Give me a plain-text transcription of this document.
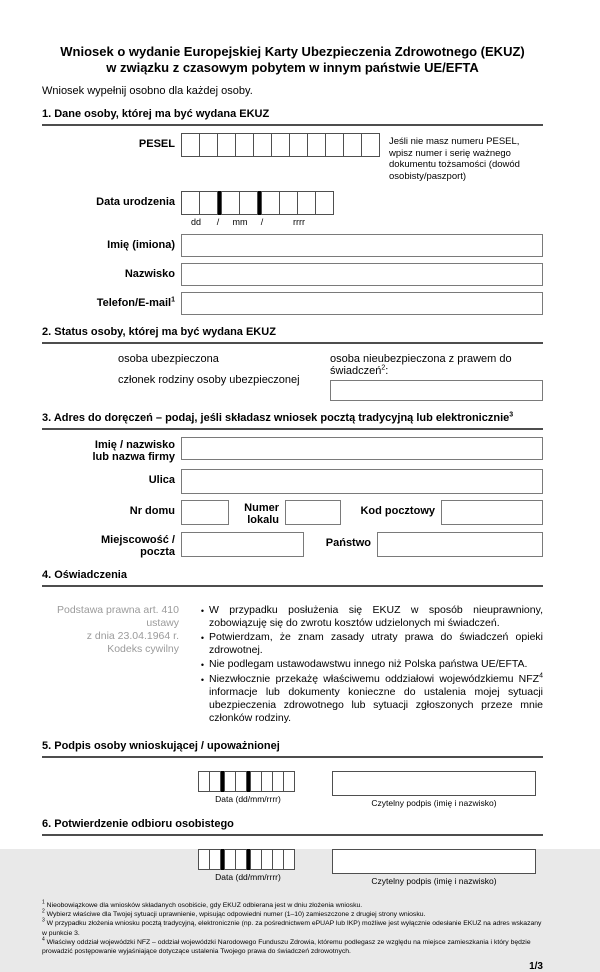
Wniosek o wydanie Europejskiej Karty Ubezpieczenia Zdrowotnego (EKUZ)
w związku z czasowym pobytem w innym państwie UE/EFTA
Wniosek wypełnij osobno dla każdej osoby.
1. Dane osoby, której ma być wydana EKUZ
PESEL	Jeśli nie masz numeru PESEL, wpisz numer i serię ważnego dokumentu tożsamości (dowód osobisty/paszport)
Data urodzenia
dd	/	mm	/	rrrr
Imię (imiona)
Nazwisko
Telefon/E-mail$^1$
2. Status osoby, której ma być wydana EKUZ
osoba ubezpieczona
członek rodziny osoby ubezpieczonej
osoba nieubezpieczona z prawem do świadczeń$^2$:
3. Adres do doręczeń – podaj, jeśli składasz wniosek pocztą tradycyjną lub elektronicznie$^3$
Imię / nazwisko
lub nazwa firmy
Ulica
Nr domu	Numer
lokalu
Kod pocztowy
Miejscowość /
poczta
Państwo
4. Oświadczenia
Podstawa prawna art. 410 ustawy
z dnia 23.04.1964 r.
Kodeks cywilny
• W przypadku posłużenia się EKUZ w sposób nieuprawniony, zobowiązuję się do zwrotu kosztów udzielonych mi świadczeń.
• Potwierdzam, że znam zasady utraty prawa do świadczeń opieki zdrowotnej.
• Nie podlegam ustawodawstwu innego niż Polska państwa UE/EFTA.
• Niezwłocznie przekażę właściwemu oddziałowi wojewódzkiemu NFZ$^4$ informacje lub dokumenty konieczne do ustalenia mojej sytuacji ubezpieczenia zdrowotnego lub sytuacji zgłoszonych przeze mnie członków rodziny.
5. Podpis osoby wnioskującej / upoważnionej
Data (dd/mm/rrrr)	Czytelny podpis (imię i nazwisko)
6. Potwierdzenie odbioru osobistego
Data (dd/mm/rrrr)	Czytelny podpis (imię i nazwisko)
$^1$ Nieobowiązkowe dla wniosków składanych osobiście, gdy EKUZ odbierana jest w dniu złożenia wniosku.
$^2$ Wybierz właściwe dla Twojej sytuacji uprawnienie, wpisując odpowiedni numer (1–10) zamieszczone z drugiej strony wniosku.
$^3$ W przypadku złożenia wniosku pocztą tradycyjną, elektronicznie (np. za pośrednictwem ePUAP lub IKP) możliwe jest wyłącznie odesłanie EKUZ na adres wskazany w punkcie 3.
$^4$ Właściwy oddział wojewódzki NFZ – oddział wojewódzki Narodowego Funduszu Zdrowia, któremu podlegasz ze względu na miejsce zamieszkania i który będzie prowadzić postępowanie wyjaśniające dotyczące ustalenia Twojego prawa do świadczeń zdrowotnych.
1/3
